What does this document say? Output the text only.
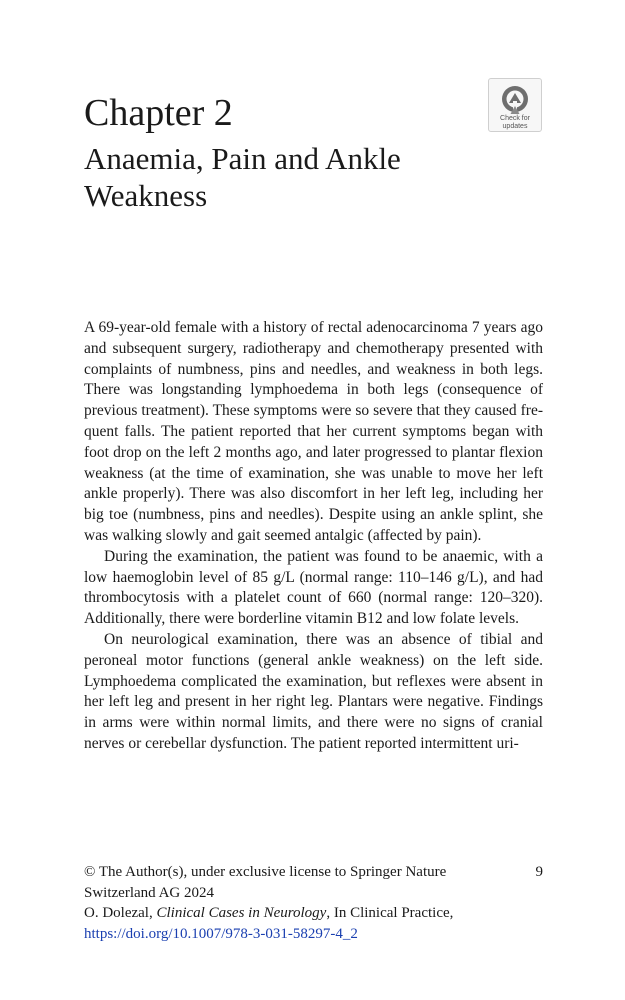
Chapter 2
Anaemia, Pain and Ankle Weakness
Check for
updates

A 69-year-old female with a history of rectal adenocarcinoma 7 years ago and subsequent surgery, radiotherapy and chemotherapy presented with complaints of numbness, pins and needles, and weakness in both legs. There was longstanding lymphoedema in both legs (consequence of previous treatment). These symptoms were so severe that they caused frequent falls. The patient reported that her current symptoms began with foot drop on the left 2 months ago, and later progressed to plantar flexion weakness (at the time of examination, she was unable to move her left ankle properly). There was also discomfort in her left leg, including her big toe (numbness, pins and needles). Despite using an ankle splint, she was walking slowly and gait seemed antalgic (affected by pain).

During the examination, the patient was found to be anaemic, with a low haemoglobin level of 85 g/L (normal range: 110–146 g/L), and had thrombocytosis with a platelet count of 660 (normal range: 120–320). Additionally, there were borderline vitamin B12 and low folate levels.

On neurological examination, there was an absence of tibial and peroneal motor functions (general ankle weakness) on the left side. Lymphoedema complicated the examination, but reflexes were absent in her left leg and present in her right leg. Plantars were negative. Findings in arms were within normal limits, and there were no signs of cranial nerves or cerebellar dysfunction. The patient reported intermittent uri-

© The Author(s), under exclusive license to Springer Nature	9
Switzerland AG 2024
O. Dolezal, Clinical Cases in Neurology, In Clinical Practice,
https://doi.org/10.1007/978-3-031-58297-4_2
